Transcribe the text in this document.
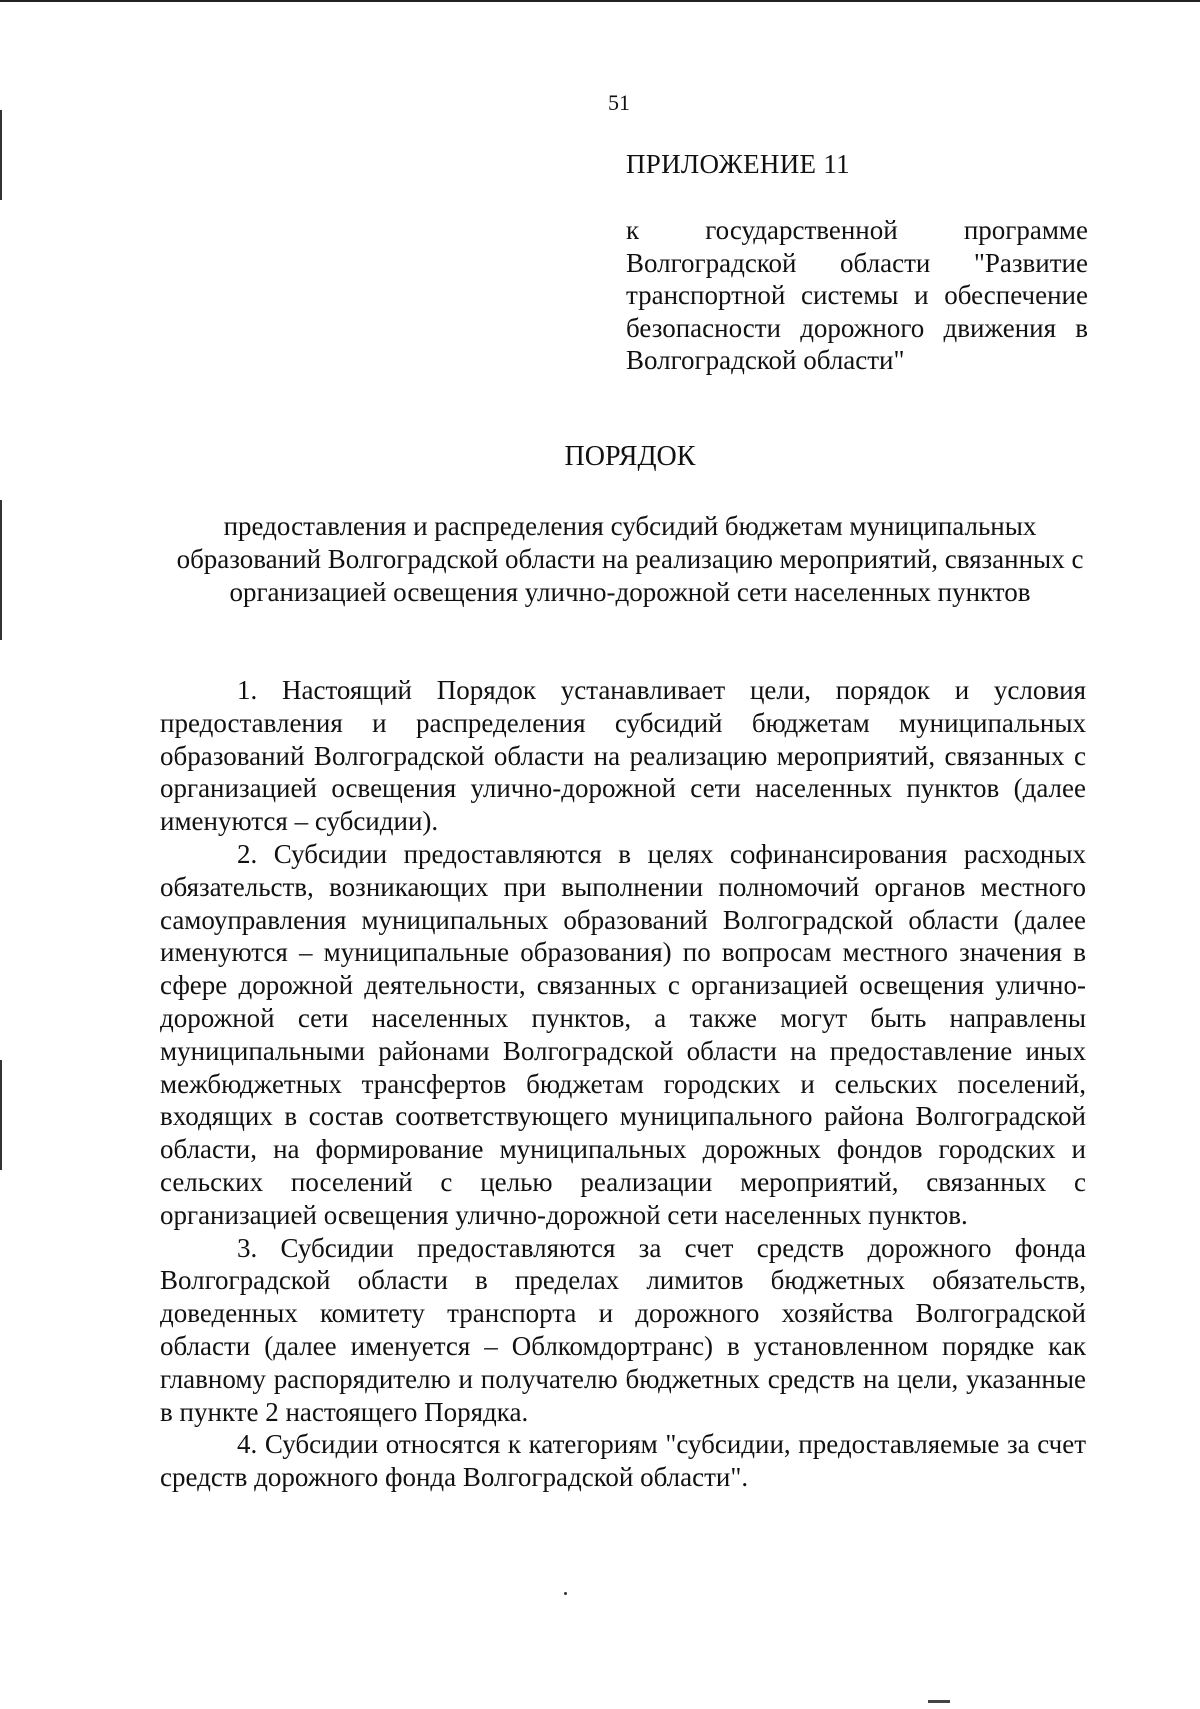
51
ПРИЛОЖЕНИЕ 11
к государственной программе Волгоградской области "Развитие транспортной системы и обеспечение безопасности дорожного движения в Волгоградской области"
ПОРЯДОК
предоставления и распределения субсидий бюджетам муниципальных образований Волгоградской области на реализацию мероприятий, связанных с организацией освещения улично-дорожной сети населенных пунктов

1. Настоящий Порядок устанавливает цели, порядок и условия предоставления и распределения субсидий бюджетам муниципальных образований Волгоградской области на реализацию мероприятий, связанных с организацией освещения улично-дорожной сети населенных пунктов (далее именуются – субсидии).

2. Субсидии предоставляются в целях софинансирования расходных обязательств, возникающих при выполнении полномочий органов местного самоуправления муниципальных образований Волгоградской области (далее именуются – муниципальные образования) по вопросам местного значения в сфере дорожной деятельности, связанных с организацией освещения улично-дорожной сети населенных пунктов, а также могут быть направлены муниципальными районами Волгоградской области на предоставление иных межбюджетных трансфертов бюджетам городских и сельских поселений, входящих в состав соответствующего муниципального района Волгоградской области, на формирование муниципальных дорожных фондов городских и сельских поселений с целью реализации мероприятий, связанных с организацией освещения улично-дорожной сети населенных пунктов.

3. Субсидии предоставляются за счет средств дорожного фонда Волгоградской области в пределах лимитов бюджетных обязательств, доведенных комитету транспорта и дорожного хозяйства Волгоградской области (далее именуется – Облкомдортранс) в установленном порядке как главному распорядителю и получателю бюджетных средств на цели, указанные в пункте 2 настоящего Порядка.

4. Субсидии относятся к категориям "субсидии, предоставляемые за счет средств дорожного фонда Волгоградской области".
